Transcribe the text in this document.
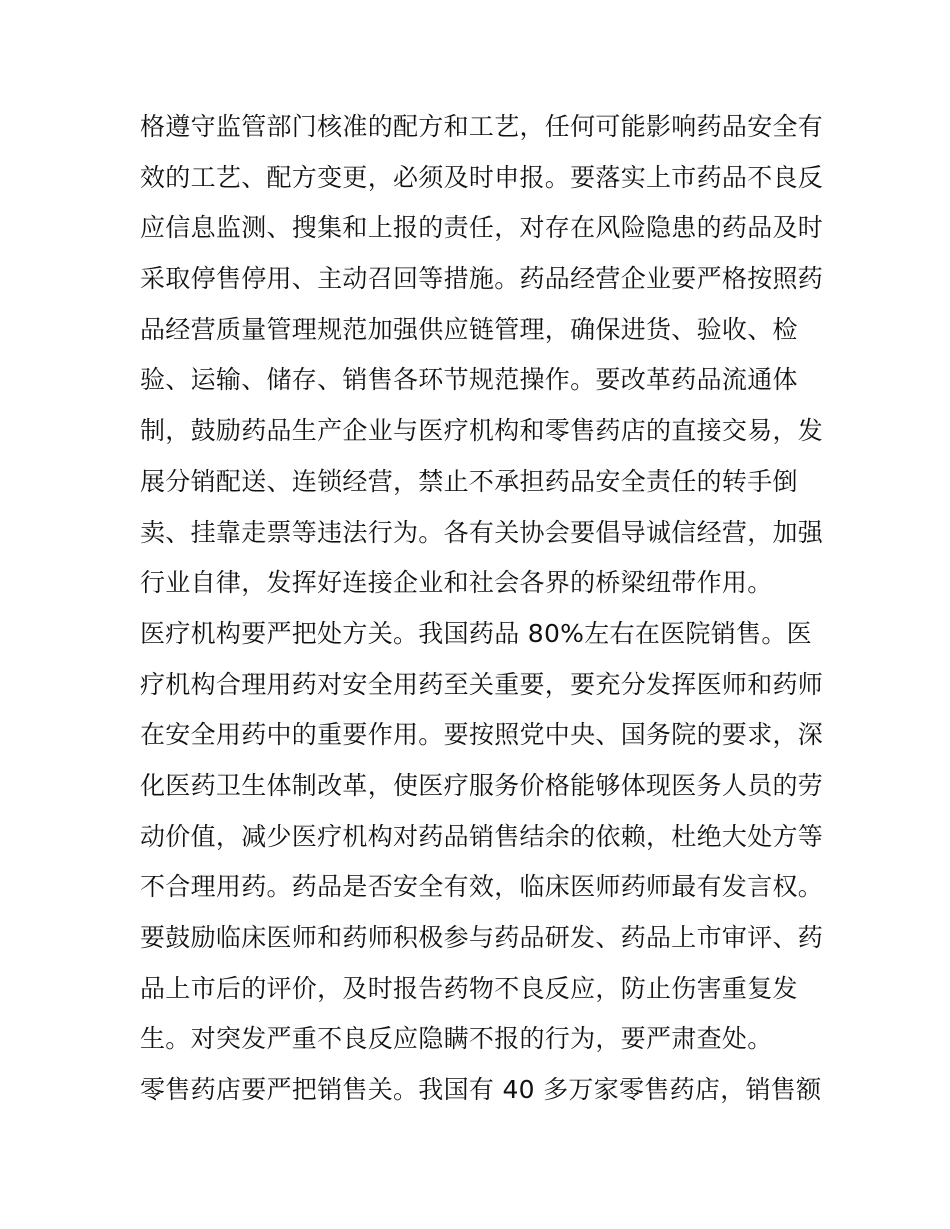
格遵守监管部门核准的配方和工艺，任何可能影响药品安全有
效的工艺、配方变更，必须及时申报。要落实上市药品不良反
应信息监测、搜集和上报的责任，对存在风险隐患的药品及时
采取停售停用、主动召回等措施。药品经营企业要严格按照药
品经营质量管理规范加强供应链管理，确保进货、验收、检
验、运输、储存、销售各环节规范操作。要改革药品流通体
制，鼓励药品生产企业与医疗机构和零售药店的直接交易，发
展分销配送、连锁经营，禁止不承担药品安全责任的转手倒
卖、挂靠走票等违法行为。各有关协会要倡导诚信经营，加强
行业自律，发挥好连接企业和社会各界的桥梁纽带作用。
医疗机构要严把处方关。我国药品 80%左右在医院销售。医
疗机构合理用药对安全用药至关重要，要充分发挥医师和药师
在安全用药中的重要作用。要按照党中央、国务院的要求，深
化医药卫生体制改革，使医疗服务价格能够体现医务人员的劳
动价值，减少医疗机构对药品销售结余的依赖，杜绝大处方等
不合理用药。药品是否安全有效，临床医师药师最有发言权。
要鼓励临床医师和药师积极参与药品研发、药品上市审评、药
品上市后的评价，及时报告药物不良反应，防止伤害重复发
生。对突发严重不良反应隐瞒不报的行为，要严肃查处。
零售药店要严把销售关。我国有 40 多万家零售药店，销售额
